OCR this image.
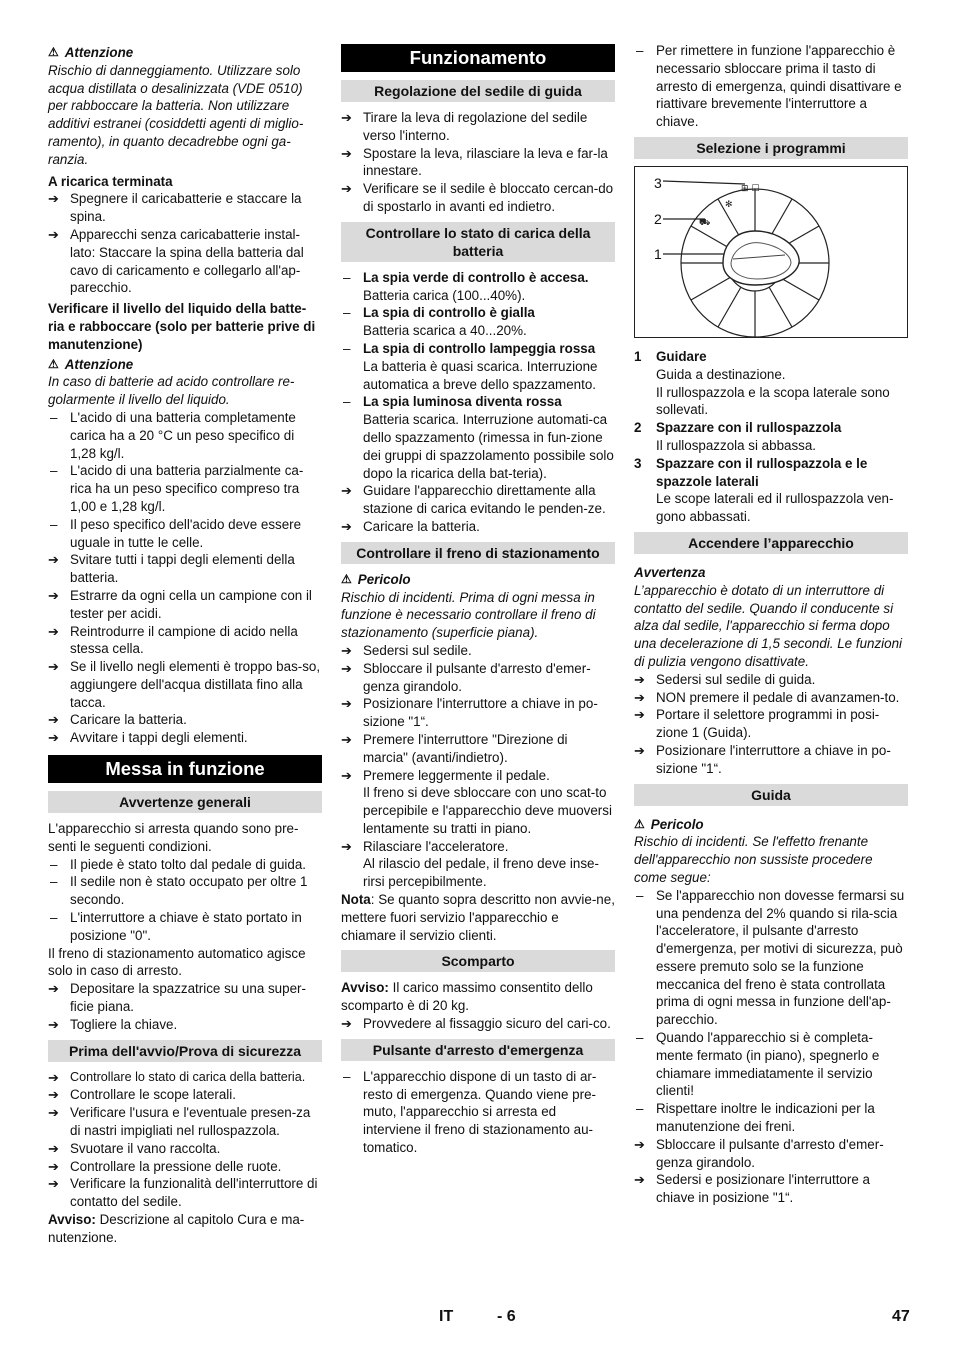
⚠ Attenzione

Rischio di danneggiamento. Utilizzare solo acqua distillata o desalinizzata (VDE 0510) per rabboccare la batteria. Non utilizzare additivi estranei (cosiddetti agenti di miglio-ramento), in quanto decadrebbe ogni ga-ranzia.

A ricarica terminata

➔ Spegnere il caricabatterie e staccare la spina.
➔ Apparecchi senza caricabatterie instal-lato: Staccare la spina della batteria dal cavo di caricamento e collegarlo all'ap-parecchio.

Verificare il livello del liquido della batte-ria e rabboccare (solo per batterie prive di manutenzione)

⚠ Attenzione

In caso di batterie ad acido controllare re-golarmente il livello del liquido.

– L'acido di una batteria completamente carica ha a 20 °C un peso specifico di 1,28 kg/l.
– L'acido di una batteria parzialmente ca-rica ha un peso specifico compreso tra 1,00 e 1,28 kg/l.
– Il peso specifico dell'acido deve essere uguale in tutte le celle.
➔ Svitare tutti i tappi degli elementi della batteria.
➔ Estrarre da ogni cella un campione con il tester per acidi.
➔ Reintrodurre il campione di acido nella stessa cella.
➔ Se il livello negli elementi è troppo bas-so, aggiungere dell'acqua distillata fino alla tacca.
➔ Caricare la batteria.
➔ Avvitare i tappi degli elementi.
Messa in funzione
Avvertenze generali

L'apparecchio si arresta quando sono pre-senti le seguenti condizioni.

– Il piede è stato tolto dal pedale di guida.
– Il sedile non è stato occupato per oltre 1 secondo.
– L'interruttore a chiave è stato portato in posizione "0".

Il freno di stazionamento automatico agisce solo in caso di arresto.

➔ Depositare la spazzatrice su una super-ficie piana.
➔ Togliere la chiave.
Prima dell'avvio/Prova di sicurezza
➔ Controllare lo stato di carica della batteria.
➔ Controllare le scope laterali.
➔ Verificare l'usura e l'eventuale presen-za di nastri impigliati nel rullospazzola.
➔ Svuotare il vano raccolta.
➔ Controllare la pressione delle ruote.
➔ Verificare la funzionalità dell'interruttore di contatto del sedile.

Avviso: Descrizione al capitolo Cura e ma-nutenzione.

Funzionamento
Regolazione del sedile di guida
➔ Tirare la leva di regolazione del sedile verso l'interno.
➔ Spostare la leva, rilasciare la leva e far-la innestare.
➔ Verificare se il sedile è bloccato cercan-do di spostarlo in avanti ed indietro.
Controllare lo stato di carica della batteria
– La spia verde di controllo è accesa.

Batteria carica (100...40%).

– La spia di controllo è gialla

Batteria scarica a 40...20%.

– La spia di controllo lampeggia rossa

La batteria è quasi scarica. Interruzione automatica a breve dello spazzamento.

– La spia luminosa diventa rossa

Batteria scarica. Interruzione automati-ca dello spazzamento (rimessa in fun-zione dei gruppi di spazzolamento possibile solo dopo la ricarica della bat-teria).

➔ Guidare l'apparecchio direttamente alla stazione di carica evitando le penden-ze.
➔ Caricare la batteria.
Controllare il freno di stazionamento

⚠ Pericolo

Rischio di incidenti. Prima di ogni messa in funzione è necessario controllare il freno di stazionamento (superficie piana).

➔ Sedersi sul sedile.
➔ Sbloccare il pulsante d'arresto d'emer-genza girandolo.
➔ Posizionare l'interruttore a chiave in po-sizione "1“.
➔ Premere l'interruttore "Direzione di marcia" (avanti/indietro).
➔ Premere leggermente il pedale.

Il freno si deve sbloccare con uno scat-to percepibile e l'apparecchio deve muoversi lentamente su tratti in piano.

➔ Rilasciare l'acceleratore.

Al rilascio del pedale, il freno deve inse-rirsi percepibilmente.

Nota: Se quanto sopra descritto non avvie-ne, mettere fuori servizio l'apparecchio e chiamare il servizio clienti.

Scomparto

Avviso: Il carico massimo consentito dello scomparto è di 20 kg.

➔ Provvedere al fissaggio sicuro del cari-co.
Pulsante d'arresto d'emergenza
– L'apparecchio dispone di un tasto di ar-resto di emergenza. Quando viene pre-muto, l'apparecchio si arresta ed interviene il freno di stazionamento au-tomatico.
– Per rimettere in funzione l'apparecchio è necessario sbloccare prima il tasto di arresto di emergenza, quindi disattivare e riattivare brevemente l'interruttore a chiave.
Selezione i programmi
⊞ ☐
✻
⛟
3
2
1
1	Guidare

Guida a destinazione.

Il rullospazzola e la scopa laterale sono sollevati.

2	Spazzare con il rullospazzola

Il rullospazzola si abbassa.

3	Spazzare con il rullospazzola e le spazzole laterali

Le scope laterali ed il rullospazzola ven-gono abbassati.

Accendere l’apparecchio

Avvertenza

L’apparecchio è dotato di un interruttore di contatto del sedile. Quando il conducente si alza dal sedile, l'apparecchio si ferma dopo una decelerazione di 1,5 secondi. Le funzioni di pulizia vengono disattivate.

➔ Sedersi sul sedile di guida.
➔ NON premere il pedale di avanzamen-to.
➔ Portare il selettore programmi in posi-zione 1 (Guida).
➔ Posizionare l'interruttore a chiave in po-sizione "1“.
Guida

⚠ Pericolo

Rischio di incidenti. Se l'effetto frenante dell'apparecchio non sussiste procedere come segue:

– Se l'apparecchio non dovesse fermarsi su una pendenza del 2% quando si rila-scia l'acceleratore, il pulsante d'arresto d'emergenza, per motivi di sicurezza, può essere premuto solo se la funzione meccanica del freno è stata controllata prima di ogni messa in funzione dell'ap-parecchio.
– Quando l'apparecchio si è completa-mente fermato (in piano), spegnerlo e chiamare immediatamente il servizio clienti!
– Rispettare inoltre le indicazioni per la manutenzione dei freni.
➔ Sbloccare il pulsante d'arresto d'emer-genza girandolo.
➔ Sedersi e posizionare l'interruttore a chiave in posizione "1“.
IT	- 6	47
